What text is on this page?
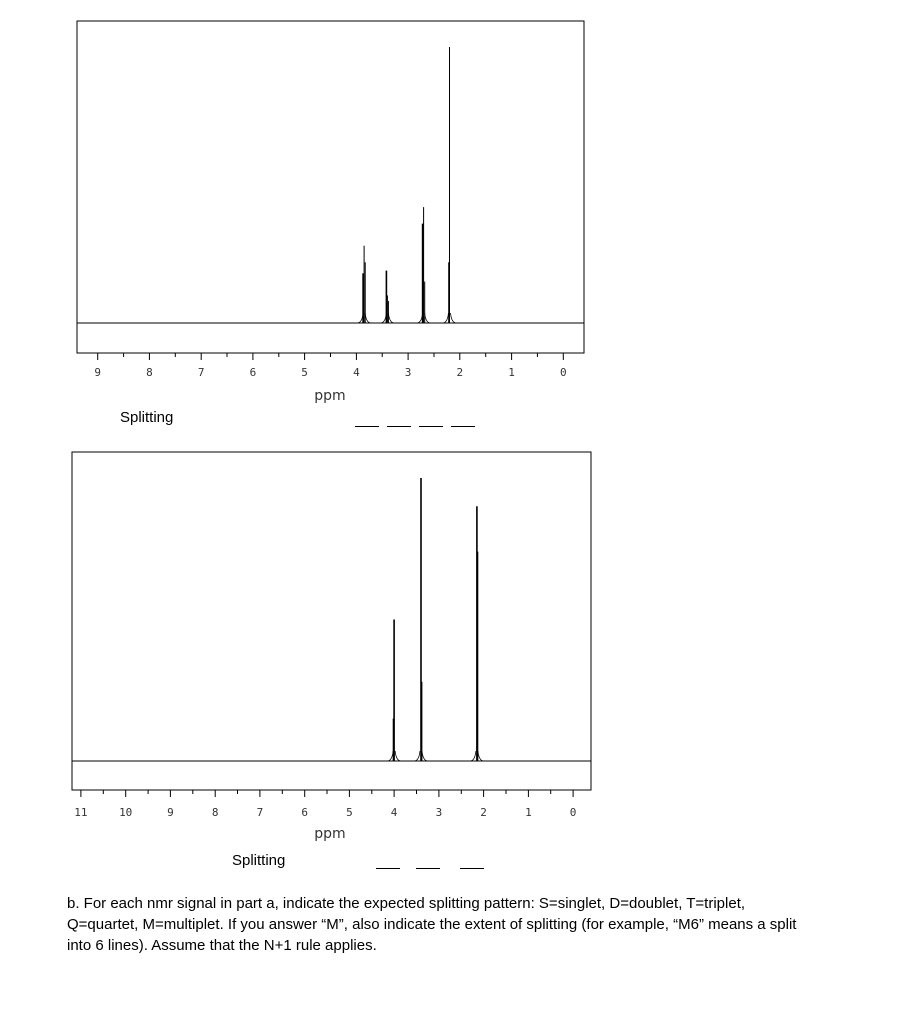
9	8	7	6	5	4	3	2	1	0
ppm
Splitting
11	10	9	8	7	6	5	4	3	2	1	0
ppm
Splitting

b. For each nmr signal in part a, indicate the expected splitting pattern: S=singlet, D=doublet, T=triplet,

Q=quartet, M=multiplet. If you answer “M”, also indicate the extent of splitting (for example, “M6” means a split

into 6 lines). Assume that the N+1 rule applies.
